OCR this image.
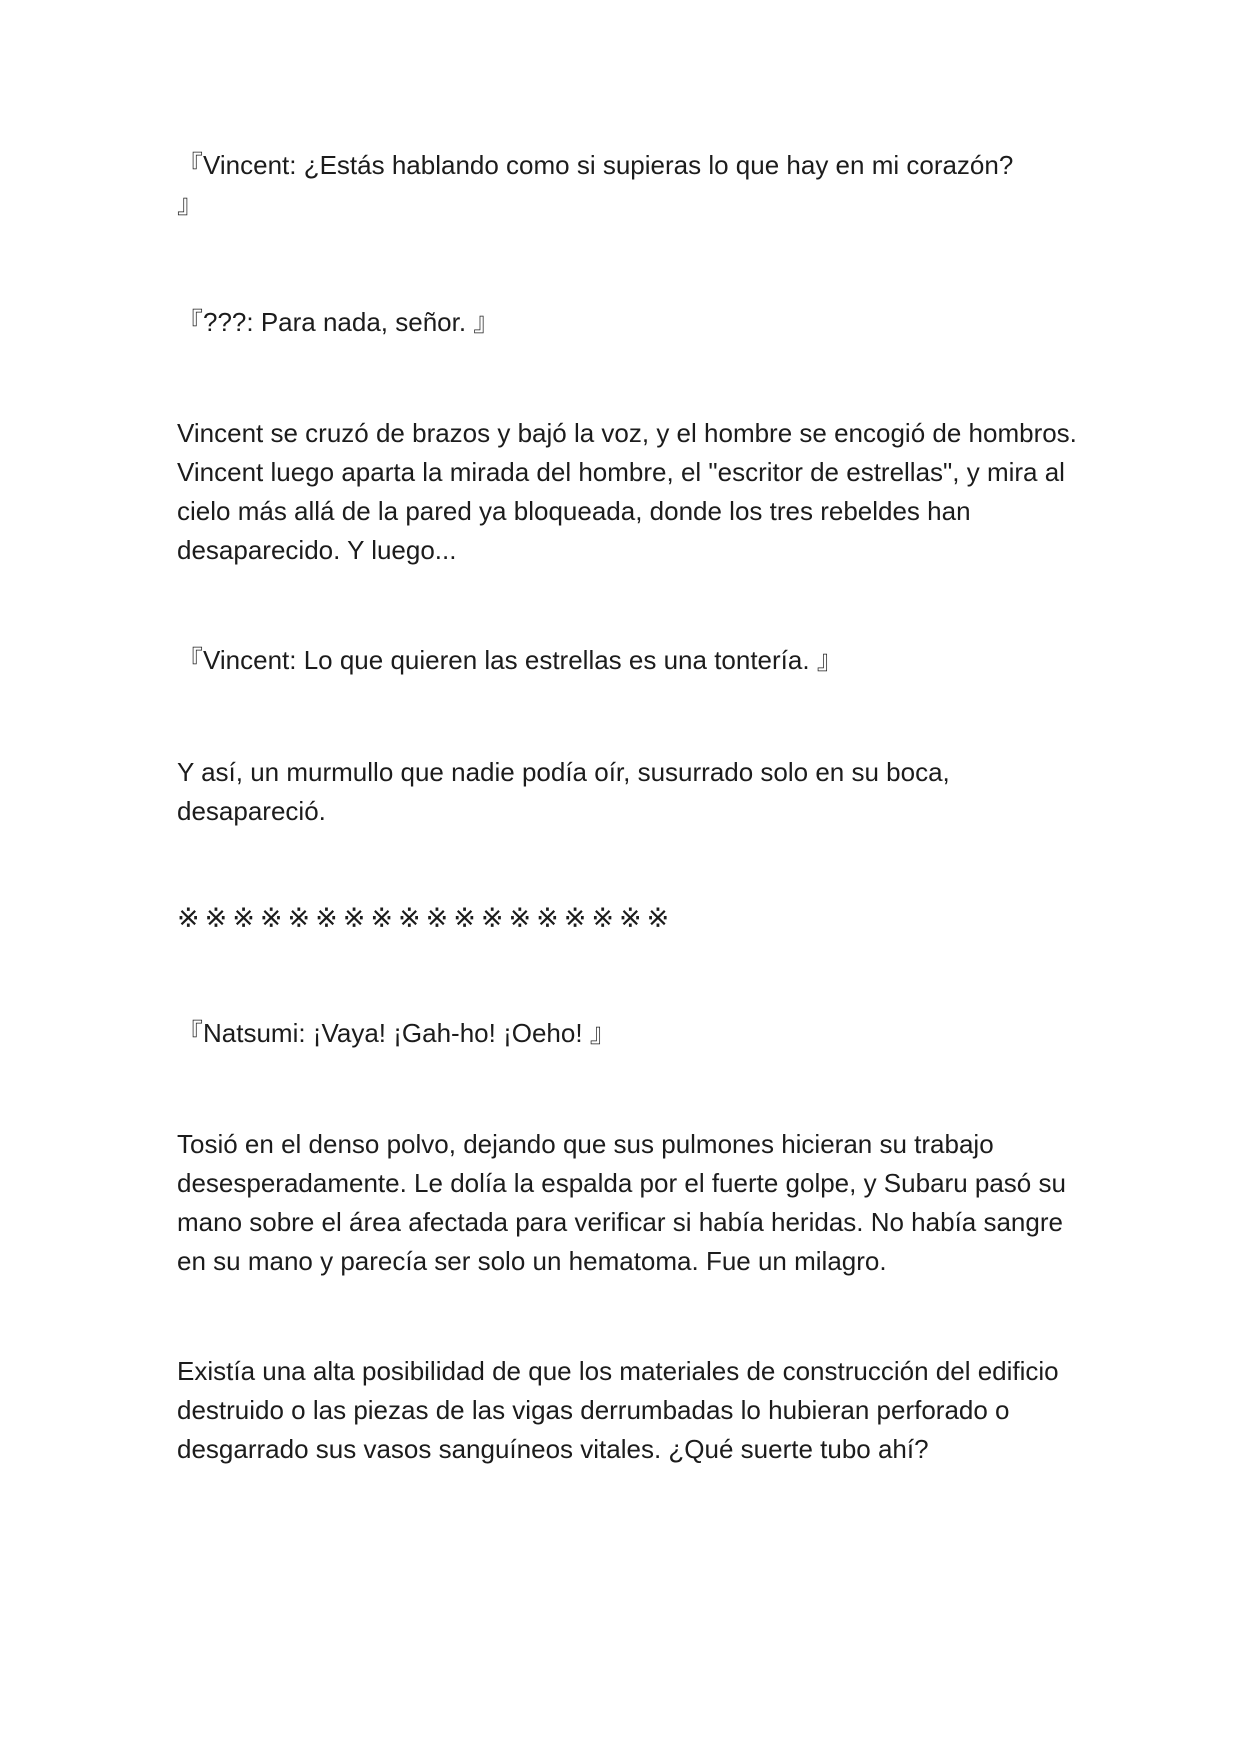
『Vincent: ¿Estás hablando como si supieras lo que hay en mi corazón?
』

『???: Para nada, señor. 』

Vincent se cruzó de brazos y bajó la voz, y el hombre se encogió de hombros. Vincent luego aparta la mirada del hombre, el "escritor de estrellas", y mira al cielo más allá de la pared ya bloqueada, donde los tres rebeldes han desaparecido. Y luego...

『Vincent: Lo que quieren las estrellas es una tontería. 』

Y así, un murmullo que nadie podía oír, susurrado solo en su boca, desapareció.

※※※※※※※※※※※※※※※※※※

『Natsumi: ¡Vaya! ¡Gah-ho! ¡Oeho! 』

Tosió en el denso polvo, dejando que sus pulmones hicieran su trabajo desesperadamente. Le dolía la espalda por el fuerte golpe, y Subaru pasó su mano sobre el área afectada para verificar si había heridas. No había sangre en su mano y parecía ser solo un hematoma. Fue un milagro.

Existía una alta posibilidad de que los materiales de construcción del edificio destruido o las piezas de las vigas derrumbadas lo hubieran perforado o desgarrado sus vasos sanguíneos vitales. ¿Qué suerte tubo ahí?
